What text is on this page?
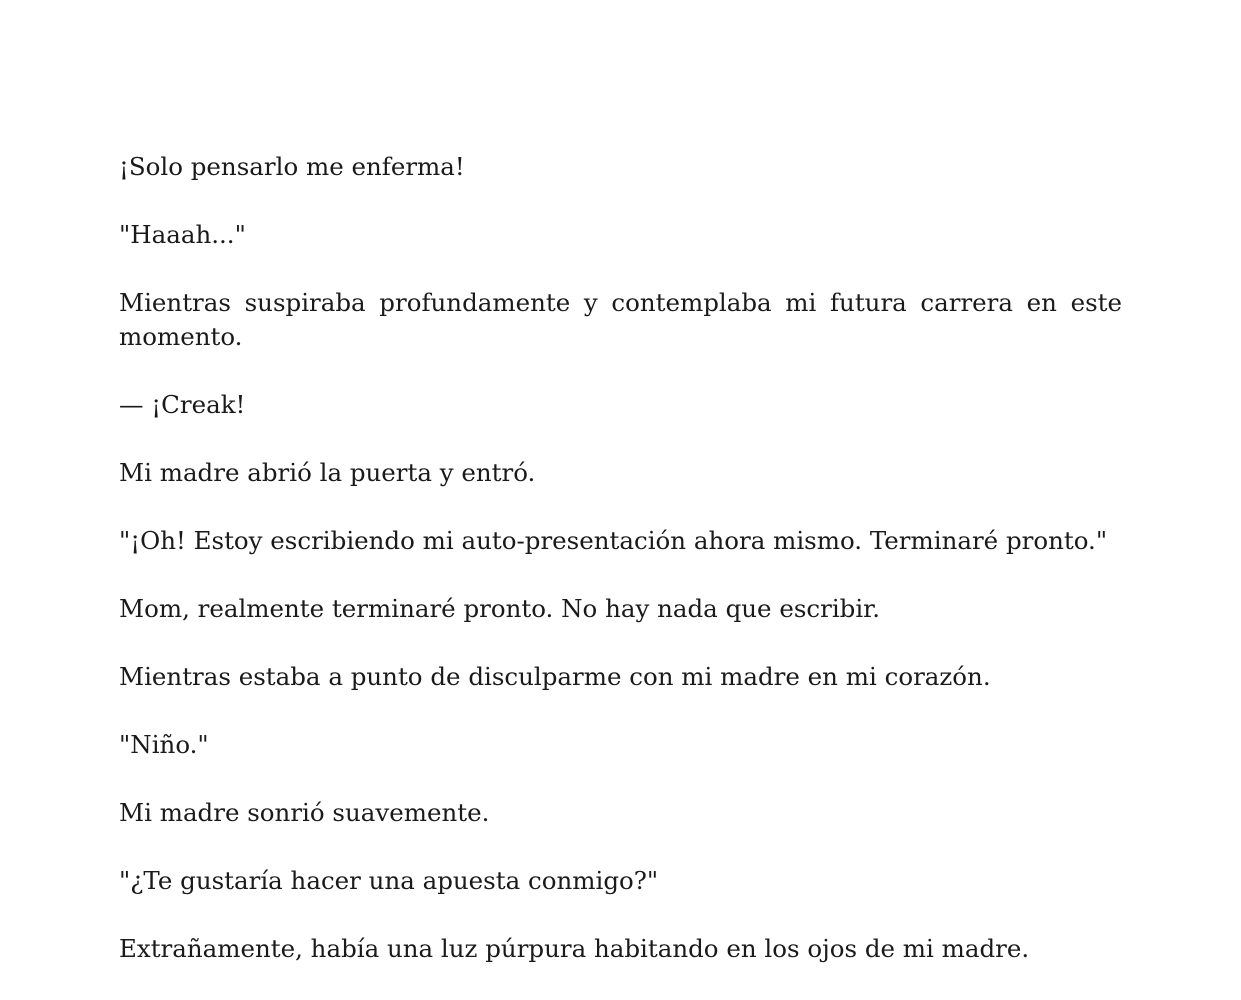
¡Solo pensarlo me enferma!

"Haaah..."

Mientras suspiraba profundamente y contemplaba mi futura carrera en este momento.

— ¡Creak!

Mi madre abrió la puerta y entró.

"¡Oh! Estoy escribiendo mi auto-presentación ahora mismo. Terminaré pronto."

Mom, realmente terminaré pronto. No hay nada que escribir.

Mientras estaba a punto de disculparme con mi madre en mi corazón.

"Niño."

Mi madre sonrió suavemente.

"¿Te gustaría hacer una apuesta conmigo?"

Extrañamente, había una luz púrpura habitando en los ojos de mi madre.
